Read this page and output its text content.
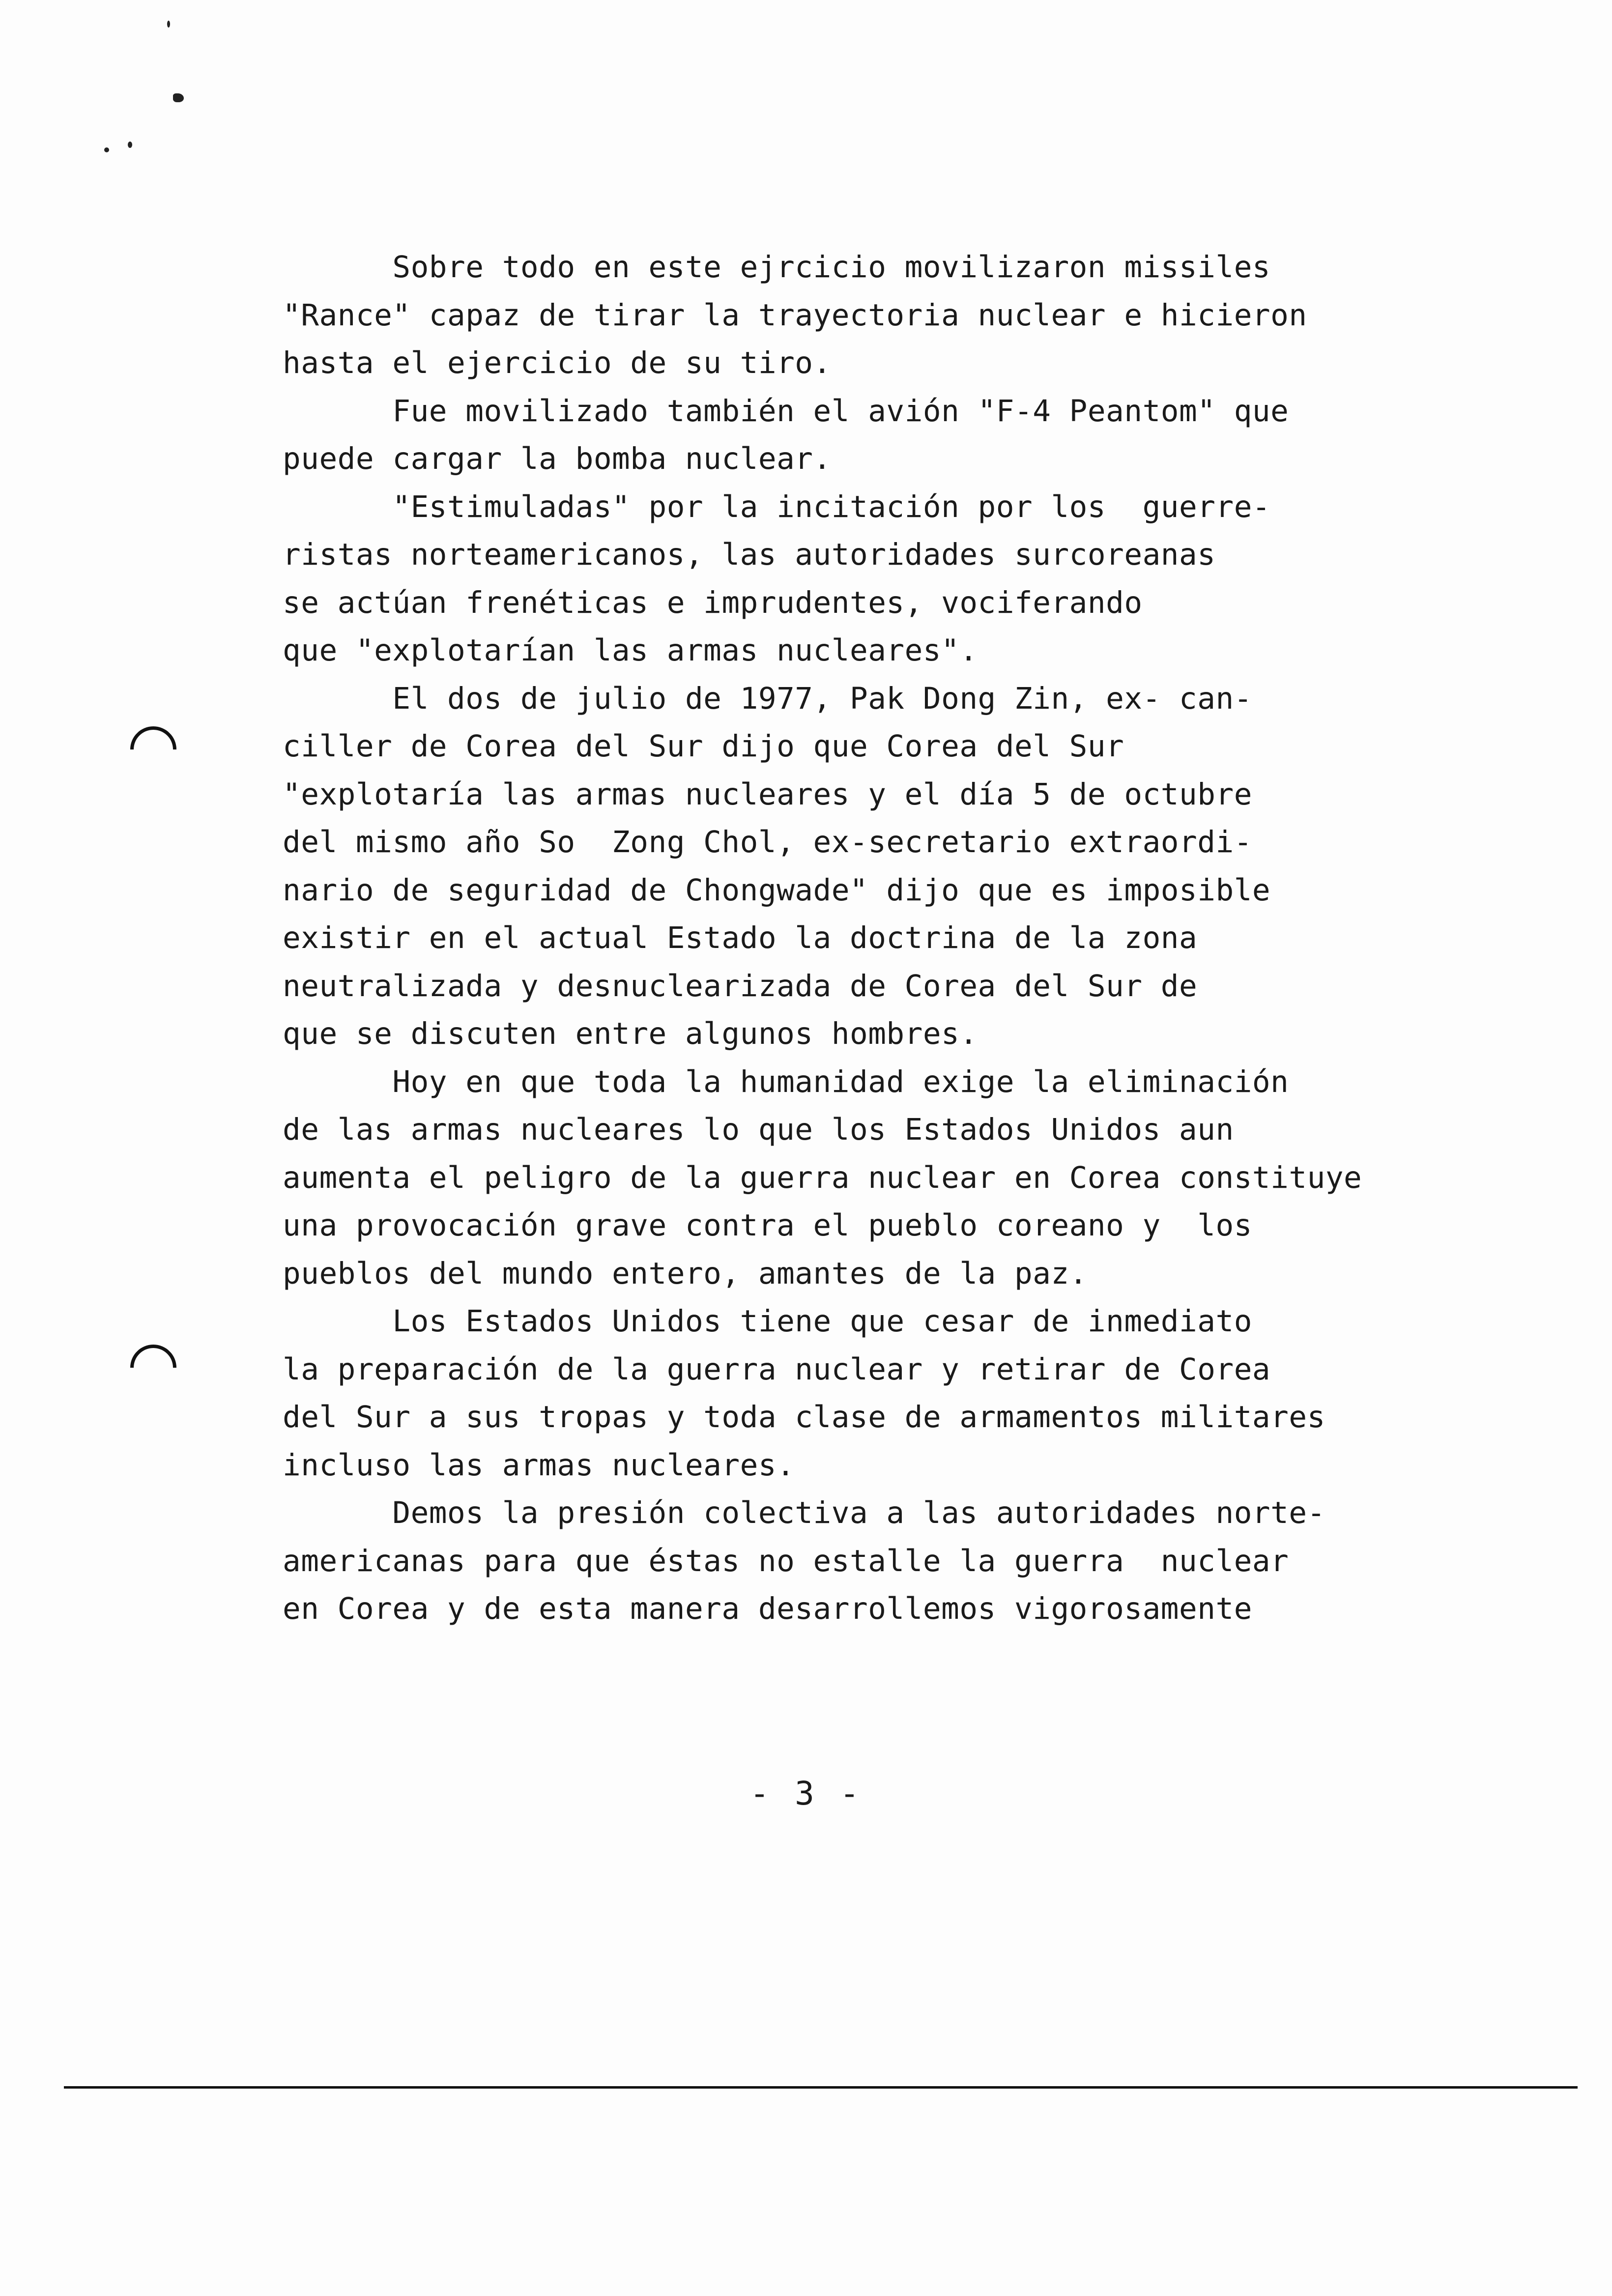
Sobre todo en este ejrcicio movilizaron missiles
"Rance" capaz de tirar la trayectoria nuclear e hicieron
hasta el ejercicio de su tiro.
Fue movilizado también el avión "F-4 Peantom" que
puede cargar la bomba nuclear.
"Estimuladas" por la incitación por los  guerre-
ristas norteamericanos, las autoridades surcoreanas
se actúan frenéticas e imprudentes, vociferando
que "explotarían las armas nucleares".
El dos de julio de 1977, Pak Dong Zin, ex- can-
ciller de Corea del Sur dijo que Corea del Sur
"explotaría las armas nucleares y el día 5 de octubre
del mismo año So  Zong Chol, ex-secretario extraordi-
nario de seguridad de Chongwade" dijo que es imposible
existir en el actual Estado la doctrina de la zona
neutralizada y desnuclearizada de Corea del Sur de
que se discuten entre algunos hombres.
Hoy en que toda la humanidad exige la eliminación
de las armas nucleares lo que los Estados Unidos aun
aumenta el peligro de la guerra nuclear en Corea constituye
una provocación grave contra el pueblo coreano y  los
pueblos del mundo entero, amantes de la paz.
Los Estados Unidos tiene que cesar de inmediato
la preparación de la guerra nuclear y retirar de Corea
del Sur a sus tropas y toda clase de armamentos militares
incluso las armas nucleares.
Demos la presión colectiva a las autoridades norte-
americanas para que éstas no estalle la guerra  nuclear
en Corea y de esta manera desarrollemos vigorosamente
- 3 -
